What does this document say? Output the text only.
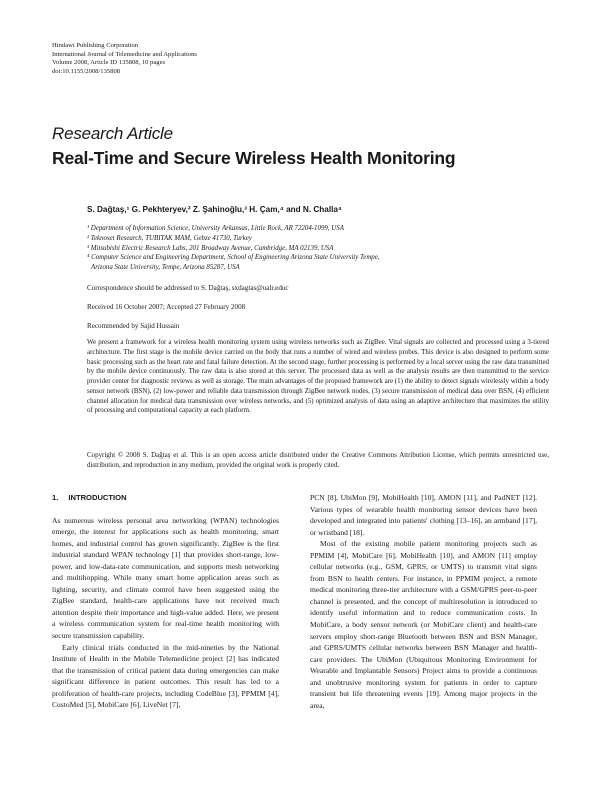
Hindawi Publishing Corporation
International Journal of Telemedicine and Applications
Volume 2008, Article ID 135808, 10 pages
doi:10.1155/2008/135808
Research Article
Real-Time and Secure Wireless Health Monitoring
S. Dağtaş,¹ G. Pekhteryev,² Z. Şahinoğlu,³ H. Çam,⁴ and N. Challa⁴
¹ Department of Information Science, University Arkansas, Little Rock, AR 72204-1099, USA
² Teknoset Research, TUBITAK MAM, Gebze 41730, Turkey
³ Mitsubishi Electric Research Labs, 201 Broadway Avenue, Cambridge, MA 02139, USA
⁴ Computer Science and Engineering Department, School of Engineering Arizona State University Tempe,
Arizona State University, Tempe, Arizona 85287, USA
Correspondence should be addressed to S. Dağtaş, sxdagtas@ualr.educ
Received 16 October 2007; Accepted 27 February 2008
Recommended by Sajid Hussain
We present a framework for a wireless health monitoring system using wireless networks such as ZigBee. Vital signals are collected and processed using a 3-tiered architecture. The first stage is the mobile device carried on the body that runs a number of wired and wireless probes. This device is also designed to perform some basic processing such as the heart rate and fatal failure detection. At the second stage, further processing is performed by a local server using the raw data transmitted by the mobile device continuously. The raw data is also stored at this server. The processed data as well as the analysis results are then transmitted to the service provider center for diagnostic reviews as well as storage. The main advantages of the proposed framework are (1) the ability to detect signals wirelessly within a body sensor network (BSN), (2) low-power and reliable data transmission through ZigBee network nodes, (3) secure transmission of medical data over BSN, (4) efficient channel allocation for medical data transmission over wireless networks, and (5) optimized analysis of data using an adaptive architecture that maximizes the utility of processing and computational capacity at each platform.
Copyright © 2008 S. Dağtaş et al. This is an open access article distributed under the Creative Commons Attribution License, which permits unrestricted use, distribution, and reproduction in any medium, provided the original work is properly cited.
1. INTRODUCTION

As numerous wireless personal area networking (WPAN) technologies emerge, the interest for applications such as health monitoring, smart homes, and industrial control has grown significantly. ZigBee is the first industrial standard WPAN technology [1] that provides short-range, low-power, and low-data-rate communication, and supports mesh networking and multihopping. While many smart home application areas such as lighting, security, and climate control have been suggested using the ZigBee standard, health-care applications have not received much attention despite their importance and high-value added. Here, we present a wireless communication system for real-time health monitoring with secure transmission capability.

Early clinical trials conducted in the mid-nineties by the National Institute of Health in the Mobile Telemedicine project [2] has indicated that the transmission of critical patient data during emergencies can make significant difference in patient outcomes. This result has led to a proliferation of health-care projects, including CodeBlue [3], PPMIM [4], CustoMed [5], MobiCare [6], LiveNet [7],

PCN [8], UbiMon [9], MobiHealth [10], AMON [11], and PadNET [12]. Various types of wearable health monitoring sensor devices have been developed and integrated into patients' clothing [13–16], an armband [17], or wristband [18].

Most of the existing mobile patient monitoring projects such as PPMIM [4], MobiCare [6], MobiHealth [10], and AMON [11] employ cellular networks (e.g., GSM, GPRS, or UMTS) to transmit vital signs from BSN to health centers. For instance, in PPMIM project, a remote medical monitoring three-tier architecture with a GSM/GPRS peer-to-peer channel is presented, and the concept of multiresolution is introduced to identify useful information and to reduce communication costs. In MobiCare, a body sensor network (or MobiCare client) and health-care servers employ short-range Bluetooth between BSN and BSN Manager, and GPRS/UMTS cellular networks between BSN Manager and health-care providers. The UbiMon (Ubiquitous Monitoring Environment for Wearable and Implantable Sensors) Project aims to provide a continuous and unobtrusive monitoring system for patients in order to capture transient but life threatening events [19]. Among major projects in the area,
